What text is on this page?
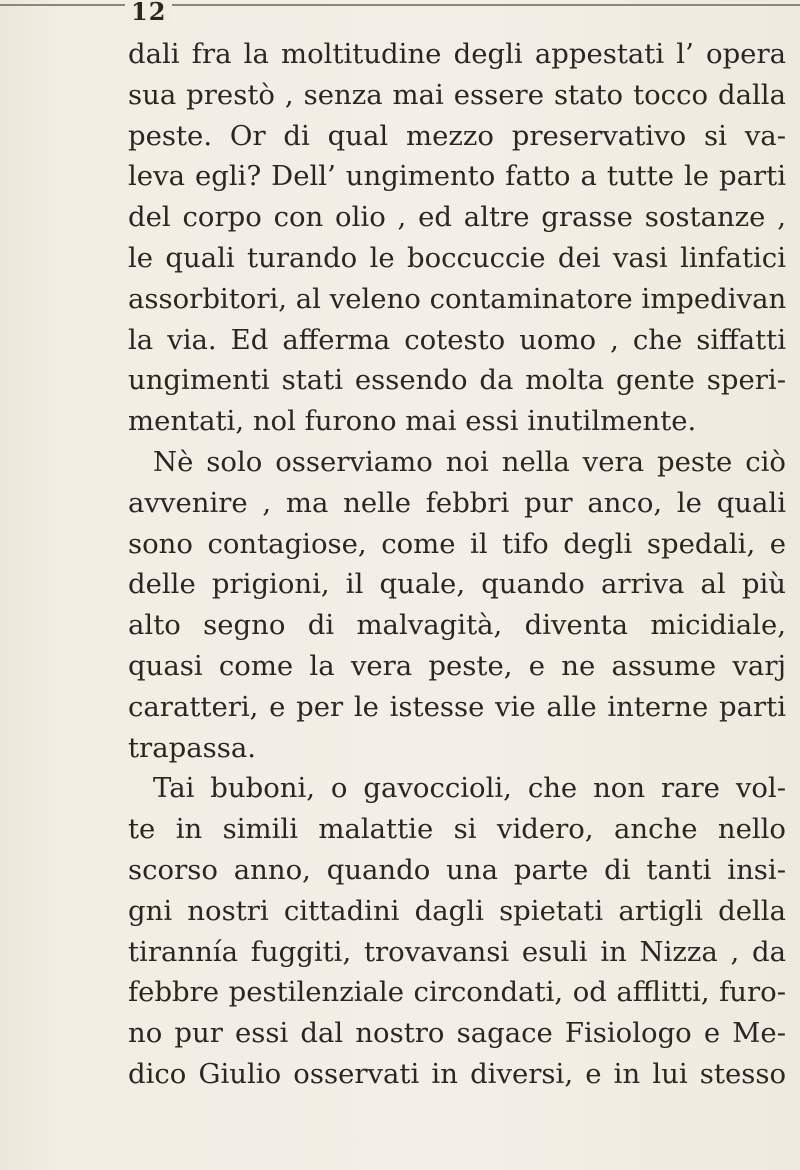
12
dali fra la moltitudine degli appestati l’ opera
sua prestò , senza mai essere stato tocco dalla
peste. Or di qual mezzo preservativo si va-
leva egli? Dell’ ungimento fatto a tutte le parti
del corpo con olio , ed altre grasse sostanze ,
le quali turando le boccuccie dei vasi linfatici
assorbitori, al veleno contaminatore impedivan
la via. Ed afferma cotesto uomo , che siffatti
ungimenti stati essendo da molta gente speri-
mentati, nol furono mai essi inutilmente.
Nè solo osserviamo noi nella vera peste ciò
avvenire , ma nelle febbri pur anco, le quali
sono contagiose, come il tifo degli spedali, e
delle prigioni, il quale, quando arriva al più
alto segno di malvagità, diventa micidiale,
quasi come la vera peste, e ne assume varj
caratteri, e per le istesse vie alle interne parti
trapassa.
Tai buboni, o gavoccioli, che non rare vol-
te in simili malattie si videro, anche nello
scorso anno, quando una parte di tanti insi-
gni nostri cittadini dagli spietati artigli della
tirannía fuggiti, trovavansi esuli in Nizza , da
febbre pestilenziale circondati, od afflitti, furo-
no pur essi dal nostro sagace Fisiologo e Me-
dico Giulio osservati in diversi, e in lui stesso
